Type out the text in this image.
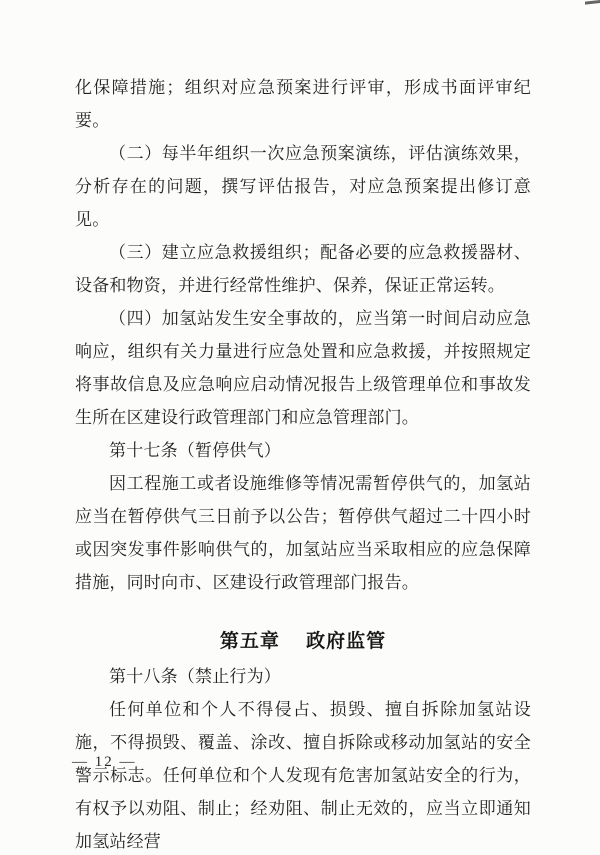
化保障措施；组织对应急预案进行评审，形成书面评审纪要。

（二）每半年组织一次应急预案演练，评估演练效果，分析存在的问题，撰写评估报告，对应急预案提出修订意见。

（三）建立应急救援组织；配备必要的应急救援器材、设备和物资，并进行经常性维护、保养，保证正常运转。

（四）加氢站发生安全事故的，应当第一时间启动应急响应，组织有关力量进行应急处置和应急救援，并按照规定将事故信息及应急响应启动情况报告上级管理单位和事故发生所在区建设行政管理部门和应急管理部门。

第十七条（暂停供气）

因工程施工或者设施维修等情况需暂停供气的，加氢站应当在暂停供气三日前予以公告；暂停供气超过二十四小时或因突发事件影响供气的，加氢站应当采取相应的应急保障措施，同时向市、区建设行政管理部门报告。

第五章　 政府监管

第十八条（禁止行为）

任何单位和个人不得侵占、损毁、擅自拆除加氢站设施，不得损毁、覆盖、涂改、擅自拆除或移动加氢站的安全警示标志。任何单位和个人发现有危害加氢站安全的行为，有权予以劝阻、制止；经劝阻、制止无效的，应当立即通知加氢站经营

— 12 —
